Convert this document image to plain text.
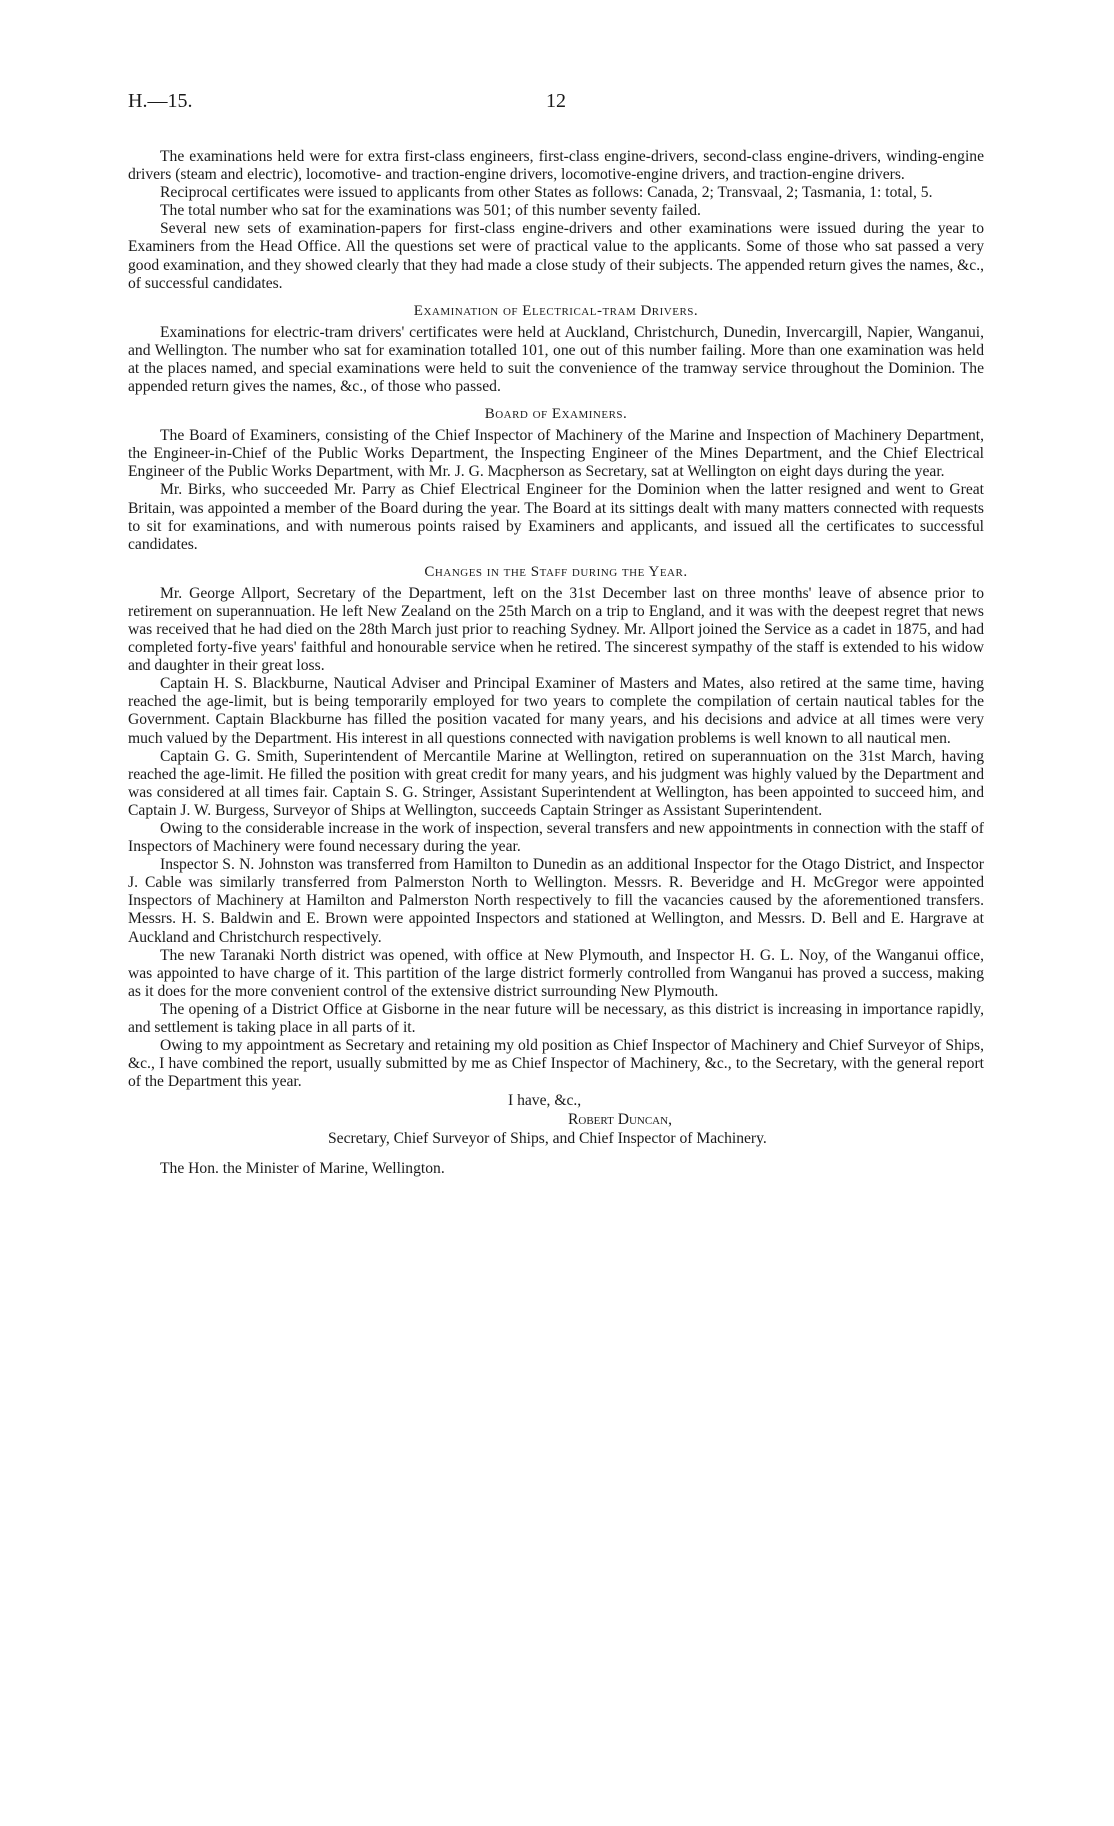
H.—15.	12

The examinations held were for extra first-class engineers, first-class engine-drivers, second-class engine-drivers, winding-engine drivers (steam and electric), locomotive- and traction-engine drivers, locomotive-engine drivers, and traction-engine drivers.

Reciprocal certificates were issued to applicants from other States as follows: Canada, 2; Transvaal, 2; Tasmania, 1: total, 5.

The total number who sat for the examinations was 501; of this number seventy failed.

Several new sets of examination-papers for first-class engine-drivers and other examinations were issued during the year to Examiners from the Head Office. All the questions set were of practical value to the applicants. Some of those who sat passed a very good examination, and they showed clearly that they had made a close study of their subjects. The appended return gives the names, &c., of successful candidates.

Examination of Electrical-tram Drivers.

Examinations for electric-tram drivers' certificates were held at Auckland, Christchurch, Dunedin, Invercargill, Napier, Wanganui, and Wellington. The number who sat for examination totalled 101, one out of this number failing. More than one examination was held at the places named, and special examinations were held to suit the convenience of the tramway service throughout the Dominion. The appended return gives the names, &c., of those who passed.

Board of Examiners.

The Board of Examiners, consisting of the Chief Inspector of Machinery of the Marine and Inspection of Machinery Department, the Engineer-in-Chief of the Public Works Department, the Inspecting Engineer of the Mines Department, and the Chief Electrical Engineer of the Public Works Department, with Mr. J. G. Macpherson as Secretary, sat at Wellington on eight days during the year.

Mr. Birks, who succeeded Mr. Parry as Chief Electrical Engineer for the Dominion when the latter resigned and went to Great Britain, was appointed a member of the Board during the year. The Board at its sittings dealt with many matters connected with requests to sit for examinations, and with numerous points raised by Examiners and applicants, and issued all the certificates to successful candidates.

Changes in the Staff during the Year.

Mr. George Allport, Secretary of the Department, left on the 31st December last on three months' leave of absence prior to retirement on superannuation. He left New Zealand on the 25th March on a trip to England, and it was with the deepest regret that news was received that he had died on the 28th March just prior to reaching Sydney. Mr. Allport joined the Service as a cadet in 1875, and had completed forty-five years' faithful and honourable service when he retired. The sincerest sympathy of the staff is extended to his widow and daughter in their great loss.

Captain H. S. Blackburne, Nautical Adviser and Principal Examiner of Masters and Mates, also retired at the same time, having reached the age-limit, but is being temporarily employed for two years to complete the compilation of certain nautical tables for the Government. Captain Blackburne has filled the position vacated for many years, and his decisions and advice at all times were very much valued by the Department. His interest in all questions connected with navigation problems is well known to all nautical men.

Captain G. G. Smith, Superintendent of Mercantile Marine at Wellington, retired on superannuation on the 31st March, having reached the age-limit. He filled the position with great credit for many years, and his judgment was highly valued by the Department and was considered at all times fair. Captain S. G. Stringer, Assistant Superintendent at Wellington, has been appointed to succeed him, and Captain J. W. Burgess, Surveyor of Ships at Wellington, succeeds Captain Stringer as Assistant Superintendent.

Owing to the considerable increase in the work of inspection, several transfers and new appointments in connection with the staff of Inspectors of Machinery were found necessary during the year.

Inspector S. N. Johnston was transferred from Hamilton to Dunedin as an additional Inspector for the Otago District, and Inspector J. Cable was similarly transferred from Palmerston North to Wellington. Messrs. R. Beveridge and H. McGregor were appointed Inspectors of Machinery at Hamilton and Palmerston North respectively to fill the vacancies caused by the aforementioned transfers. Messrs. H. S. Baldwin and E. Brown were appointed Inspectors and stationed at Wellington, and Messrs. D. Bell and E. Hargrave at Auckland and Christchurch respectively.

The new Taranaki North district was opened, with office at New Plymouth, and Inspector H. G. L. Noy, of the Wanganui office, was appointed to have charge of it. This partition of the large district formerly controlled from Wanganui has proved a success, making as it does for the more convenient control of the extensive district surrounding New Plymouth.

The opening of a District Office at Gisborne in the near future will be necessary, as this district is increasing in importance rapidly, and settlement is taking place in all parts of it.

Owing to my appointment as Secretary and retaining my old position as Chief Inspector of Machinery and Chief Surveyor of Ships, &c., I have combined the report, usually submitted by me as Chief Inspector of Machinery, &c., to the Secretary, with the general report of the Department this year.

I have, &c.,
Robert Duncan,
Secretary, Chief Surveyor of Ships, and Chief Inspector of Machinery.
The Hon. the Minister of Marine, Wellington.
